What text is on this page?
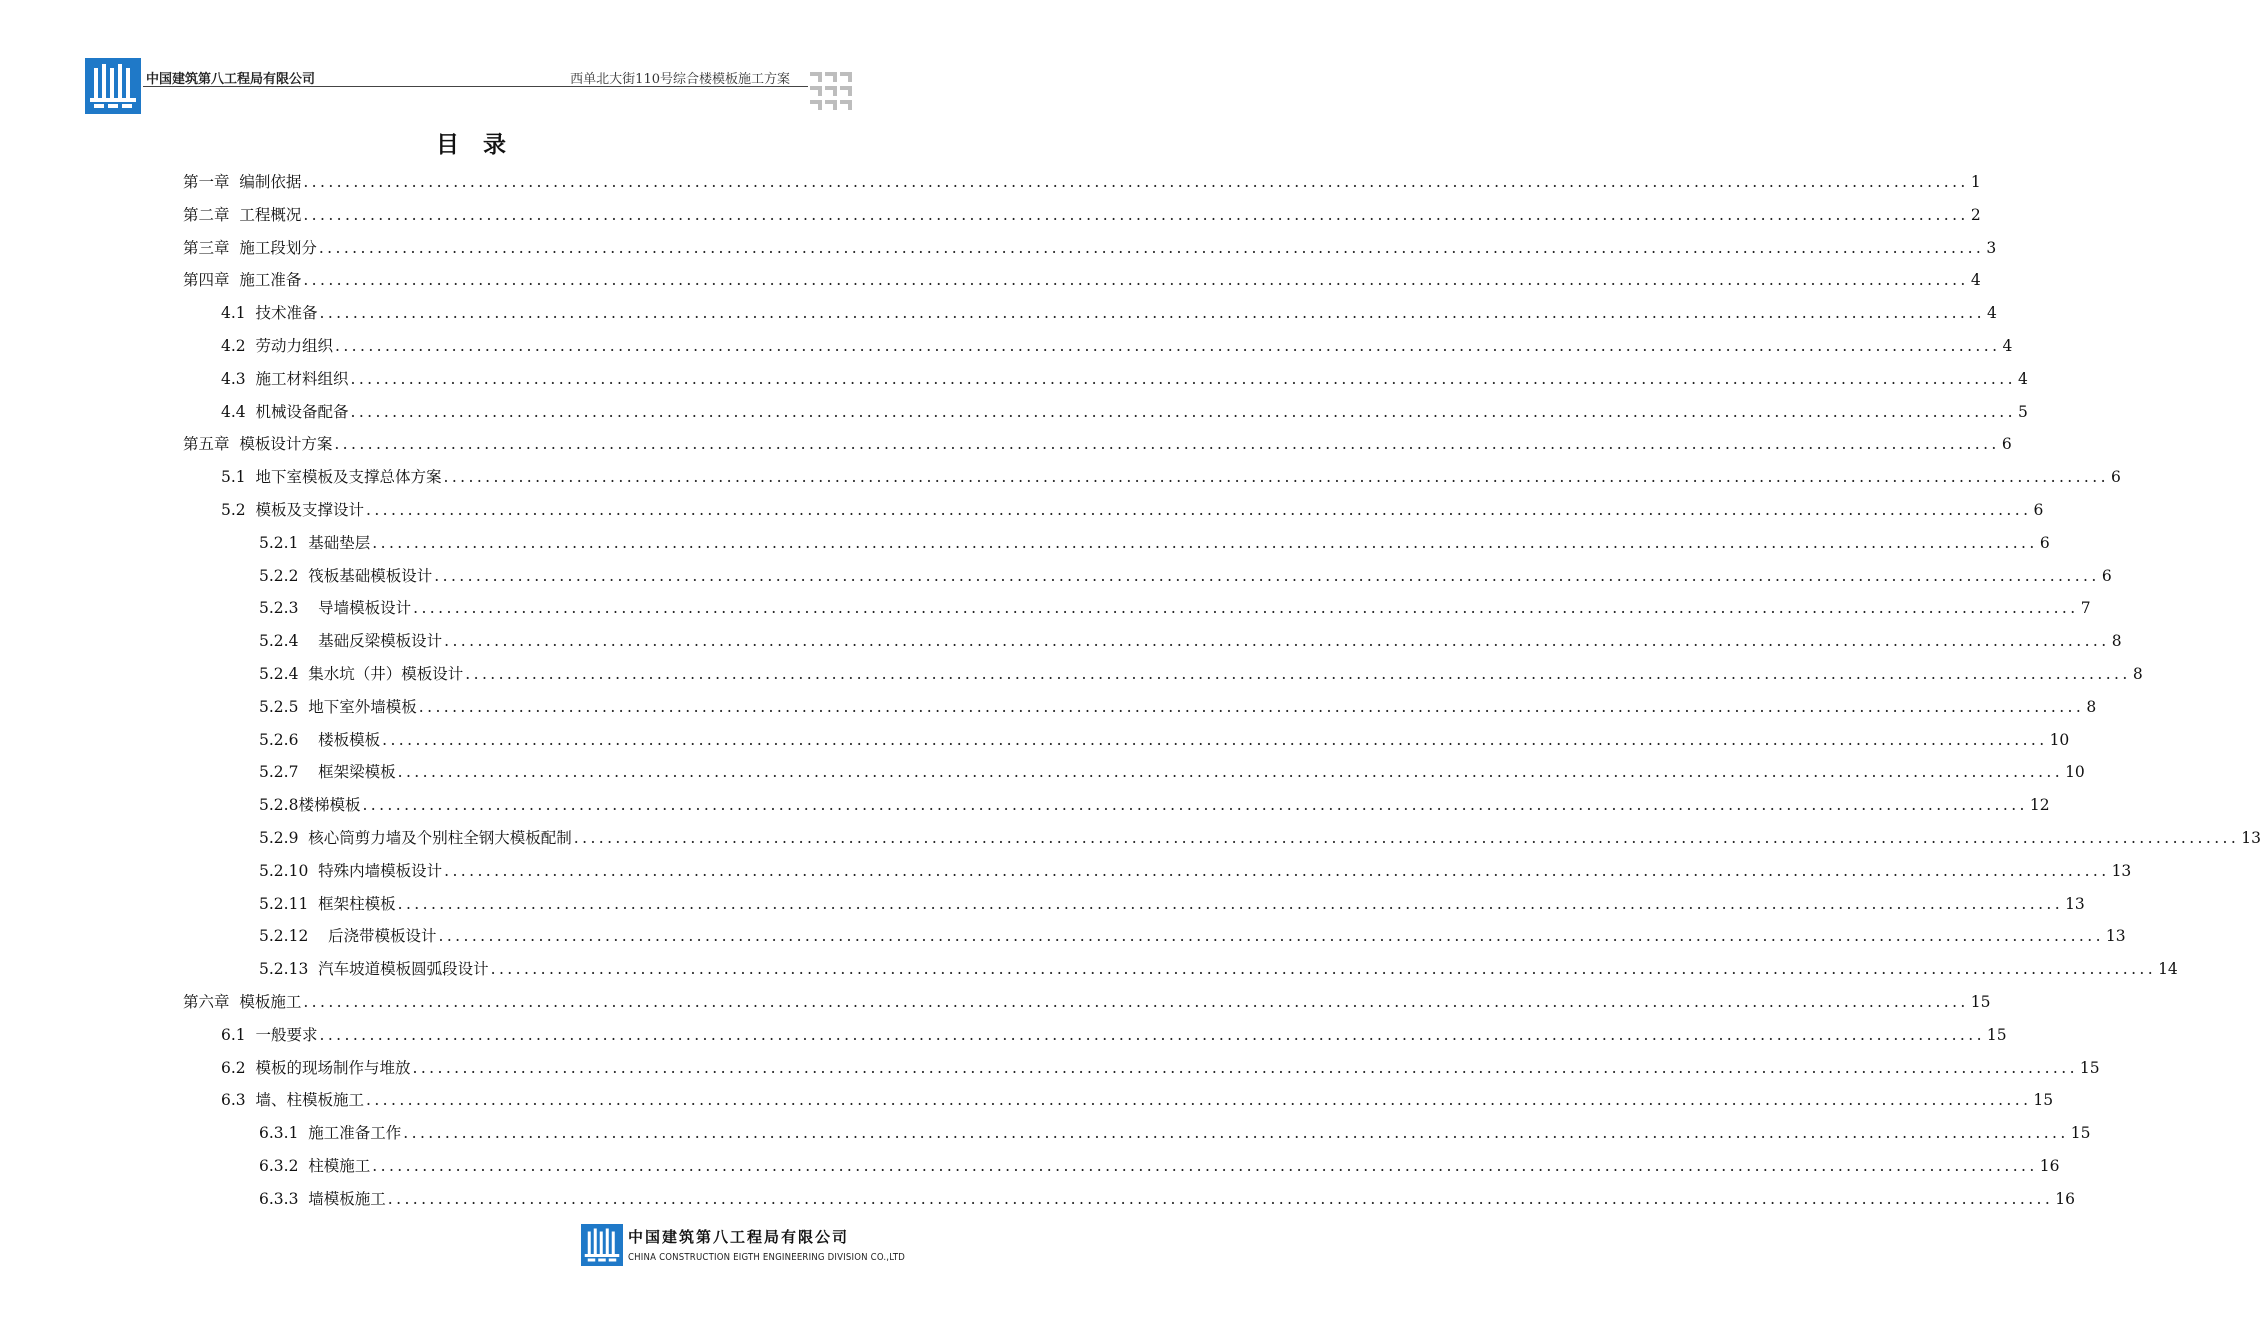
中国建筑第八工程局有限公司	西单北大街110号综合楼模板施工方案
目 录
第一章  编制依据 ........................................................................................................................................................................................................ 1
第二章  工程概况 ........................................................................................................................................................................................................ 2
第三章  施工段划分 ........................................................................................................................................................................................................ 3
第四章  施工准备 ........................................................................................................................................................................................................ 4
4.1  技术准备 ........................................................................................................................................................................................................ 4
4.2  劳动力组织 ........................................................................................................................................................................................................ 4
4.3  施工材料组织 ........................................................................................................................................................................................................ 4
4.4  机械设备配备 ........................................................................................................................................................................................................ 5
第五章  模板设计方案 ........................................................................................................................................................................................................ 6
5.1  地下室模板及支撑总体方案 ........................................................................................................................................................................................................ 6
5.2  模板及支撑设计 ........................................................................................................................................................................................................ 6
5.2.1  基础垫层 ........................................................................................................................................................................................................ 6
5.2.2  筏板基础模板设计 ........................................................................................................................................................................................................ 6
5.2.3    导墙模板设计 ........................................................................................................................................................................................................ 7
5.2.4    基础反梁模板设计 ........................................................................................................................................................................................................ 8
5.2.4  集水坑（井）模板设计 ........................................................................................................................................................................................................ 8
5.2.5  地下室外墙模板 ........................................................................................................................................................................................................ 8
5.2.6    楼板模板 ........................................................................................................................................................................................................ 10
5.2.7    框架梁模板 ........................................................................................................................................................................................................ 10
5.2.8楼梯模板 ........................................................................................................................................................................................................ 12
5.2.9  核心筒剪力墙及个别柱全钢大模板配制 ........................................................................................................................................................................................................ 13
5.2.10  特殊内墙模板设计 ........................................................................................................................................................................................................ 13
5.2.11  框架柱模板 ........................................................................................................................................................................................................ 13
5.2.12    后浇带模板设计 ........................................................................................................................................................................................................ 13
5.2.13  汽车坡道模板圆弧段设计 ........................................................................................................................................................................................................ 14
第六章  模板施工 ........................................................................................................................................................................................................ 15
6.1  一般要求 ........................................................................................................................................................................................................ 15
6.2  模板的现场制作与堆放 ........................................................................................................................................................................................................ 15
6.3  墙、柱模板施工 ........................................................................................................................................................................................................ 15
6.3.1  施工准备工作 ........................................................................................................................................................................................................ 15
6.3.2  柱模施工 ........................................................................................................................................................................................................ 16
6.3.3  墙模板施工 ........................................................................................................................................................................................................ 16
中国建筑第八工程局有限公司
CHINA CONSTRUCTION EIGTH ENGINEERING DIVISION CO.,LTD
